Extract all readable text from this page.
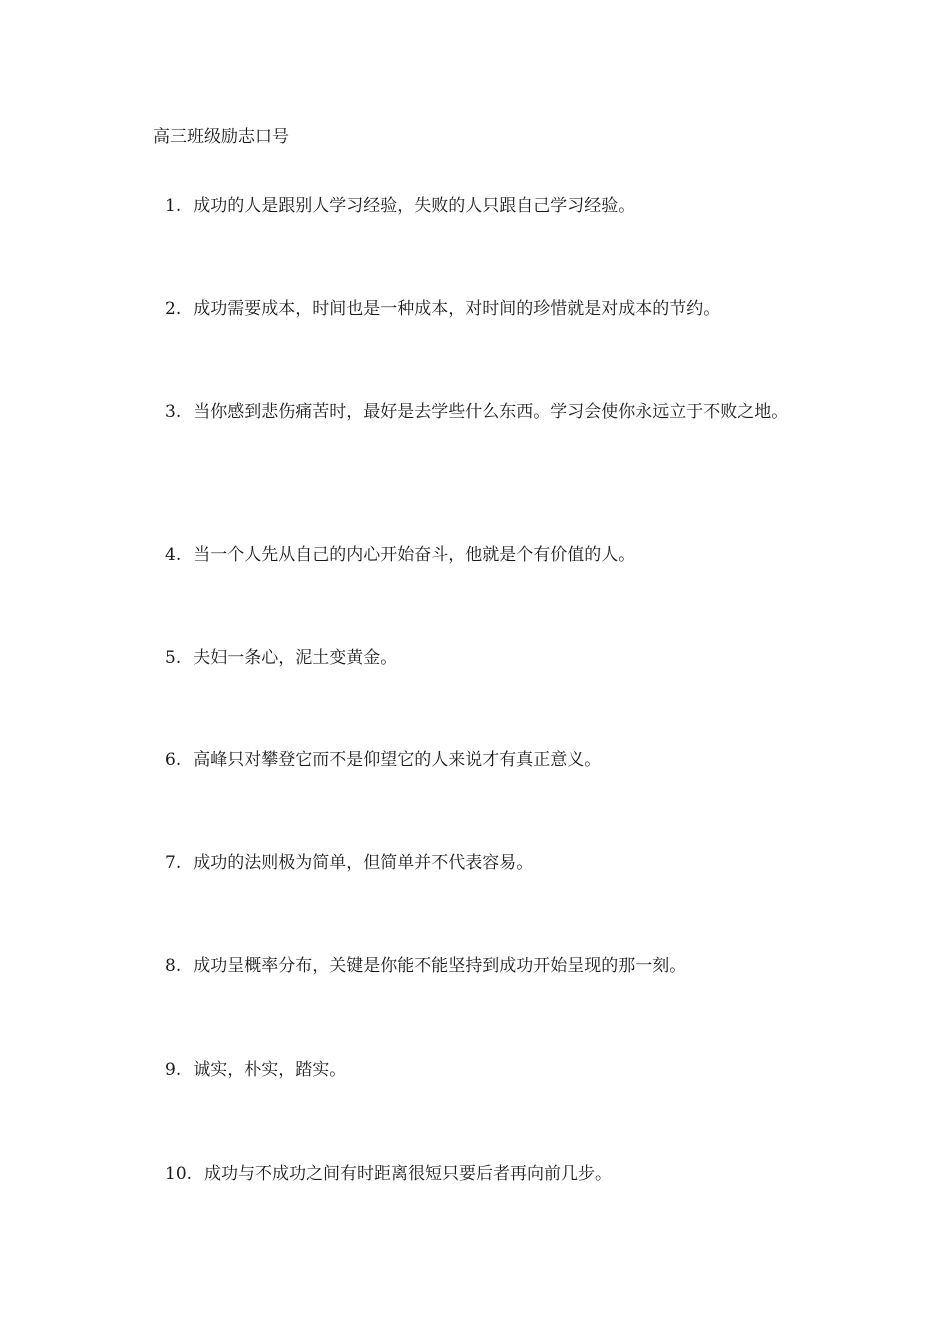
高三班级励志口号
1. 成功的人是跟别人学习经验，失败的人只跟自己学习经验。
2. 成功需要成本，时间也是一种成本，对时间的珍惜就是对成本的节约。
3. 当你感到悲伤痛苦时，最好是去学些什么东西。学习会使你永远立于不败之地。
4. 当一个人先从自己的内心开始奋斗，他就是个有价值的人。
5. 夫妇一条心，泥土变黄金。
6. 高峰只对攀登它而不是仰望它的人来说才有真正意义。
7. 成功的法则极为简单，但简单并不代表容易。
8. 成功呈概率分布，关键是你能不能坚持到成功开始呈现的那一刻。
9. 诚实，朴实，踏实。
10. 成功与不成功之间有时距离很短只要后者再向前几步。
